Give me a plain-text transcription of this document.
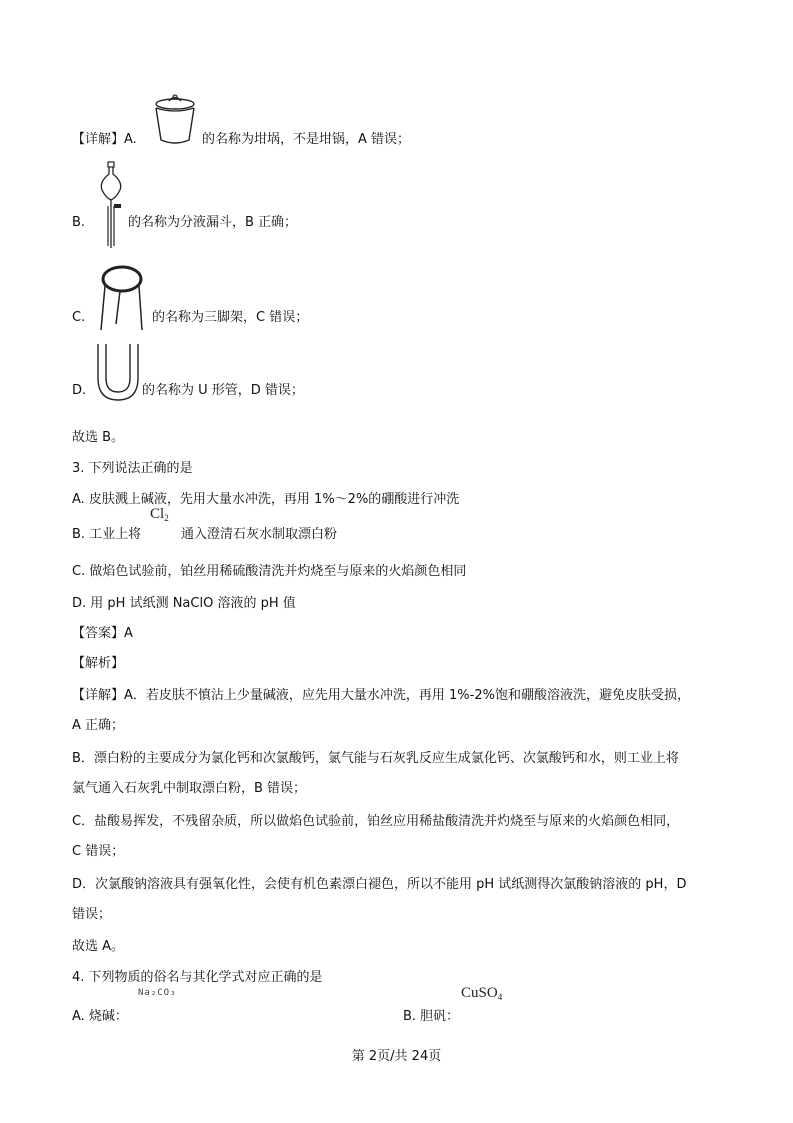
【详解】A.	的名称为坩埚，不是坩锅，A 错误；
B.	的名称为分液漏斗，B 正确；
C.	的名称为三脚架，C 错误；
D.	的名称为 U 形管，D 错误；
故选 B。
3. 下列说法正确的是
A. 皮肤溅上碱液，先用大量水冲洗，再用 1%～2%的硼酸进行冲洗
B. 工业上将
$Cl_2$
通入澄清石灰水制取漂白粉
C. 做焰色试验前，铂丝用稀硫酸清洗并灼烧至与原来的火焰颜色相同
D. 用 pH 试纸测 NaClO 溶液的 pH 值
【答案】A
【解析】
【详解】A．若皮肤不慎沾上少量碱液，应先用大量水冲洗，再用 1%-2%饱和硼酸溶液洗，避免皮肤受损，
A 正确；
B．漂白粉的主要成分为氯化钙和次氯酸钙，氯气能与石灰乳反应生成氯化钙、次氯酸钙和水，则工业上将
氯气通入石灰乳中制取漂白粉，B 错误；
C．盐酸易挥发，不残留杂质，所以做焰色试验前，铂丝应用稀盐酸清洗并灼烧至与原来的火焰颜色相同，
C 错误；
D．次氯酸钠溶液具有强氧化性，会使有机色素漂白褪色，所以不能用 pH 试纸测得次氯酸钠溶液的 pH，D
错误；
故选 A。
4. 下列物质的俗名与其化学式对应正确的是
Na₂CO₃
A. 烧碱：
CuSO$_4$
B. 胆矾：
第 2页/共 24页
